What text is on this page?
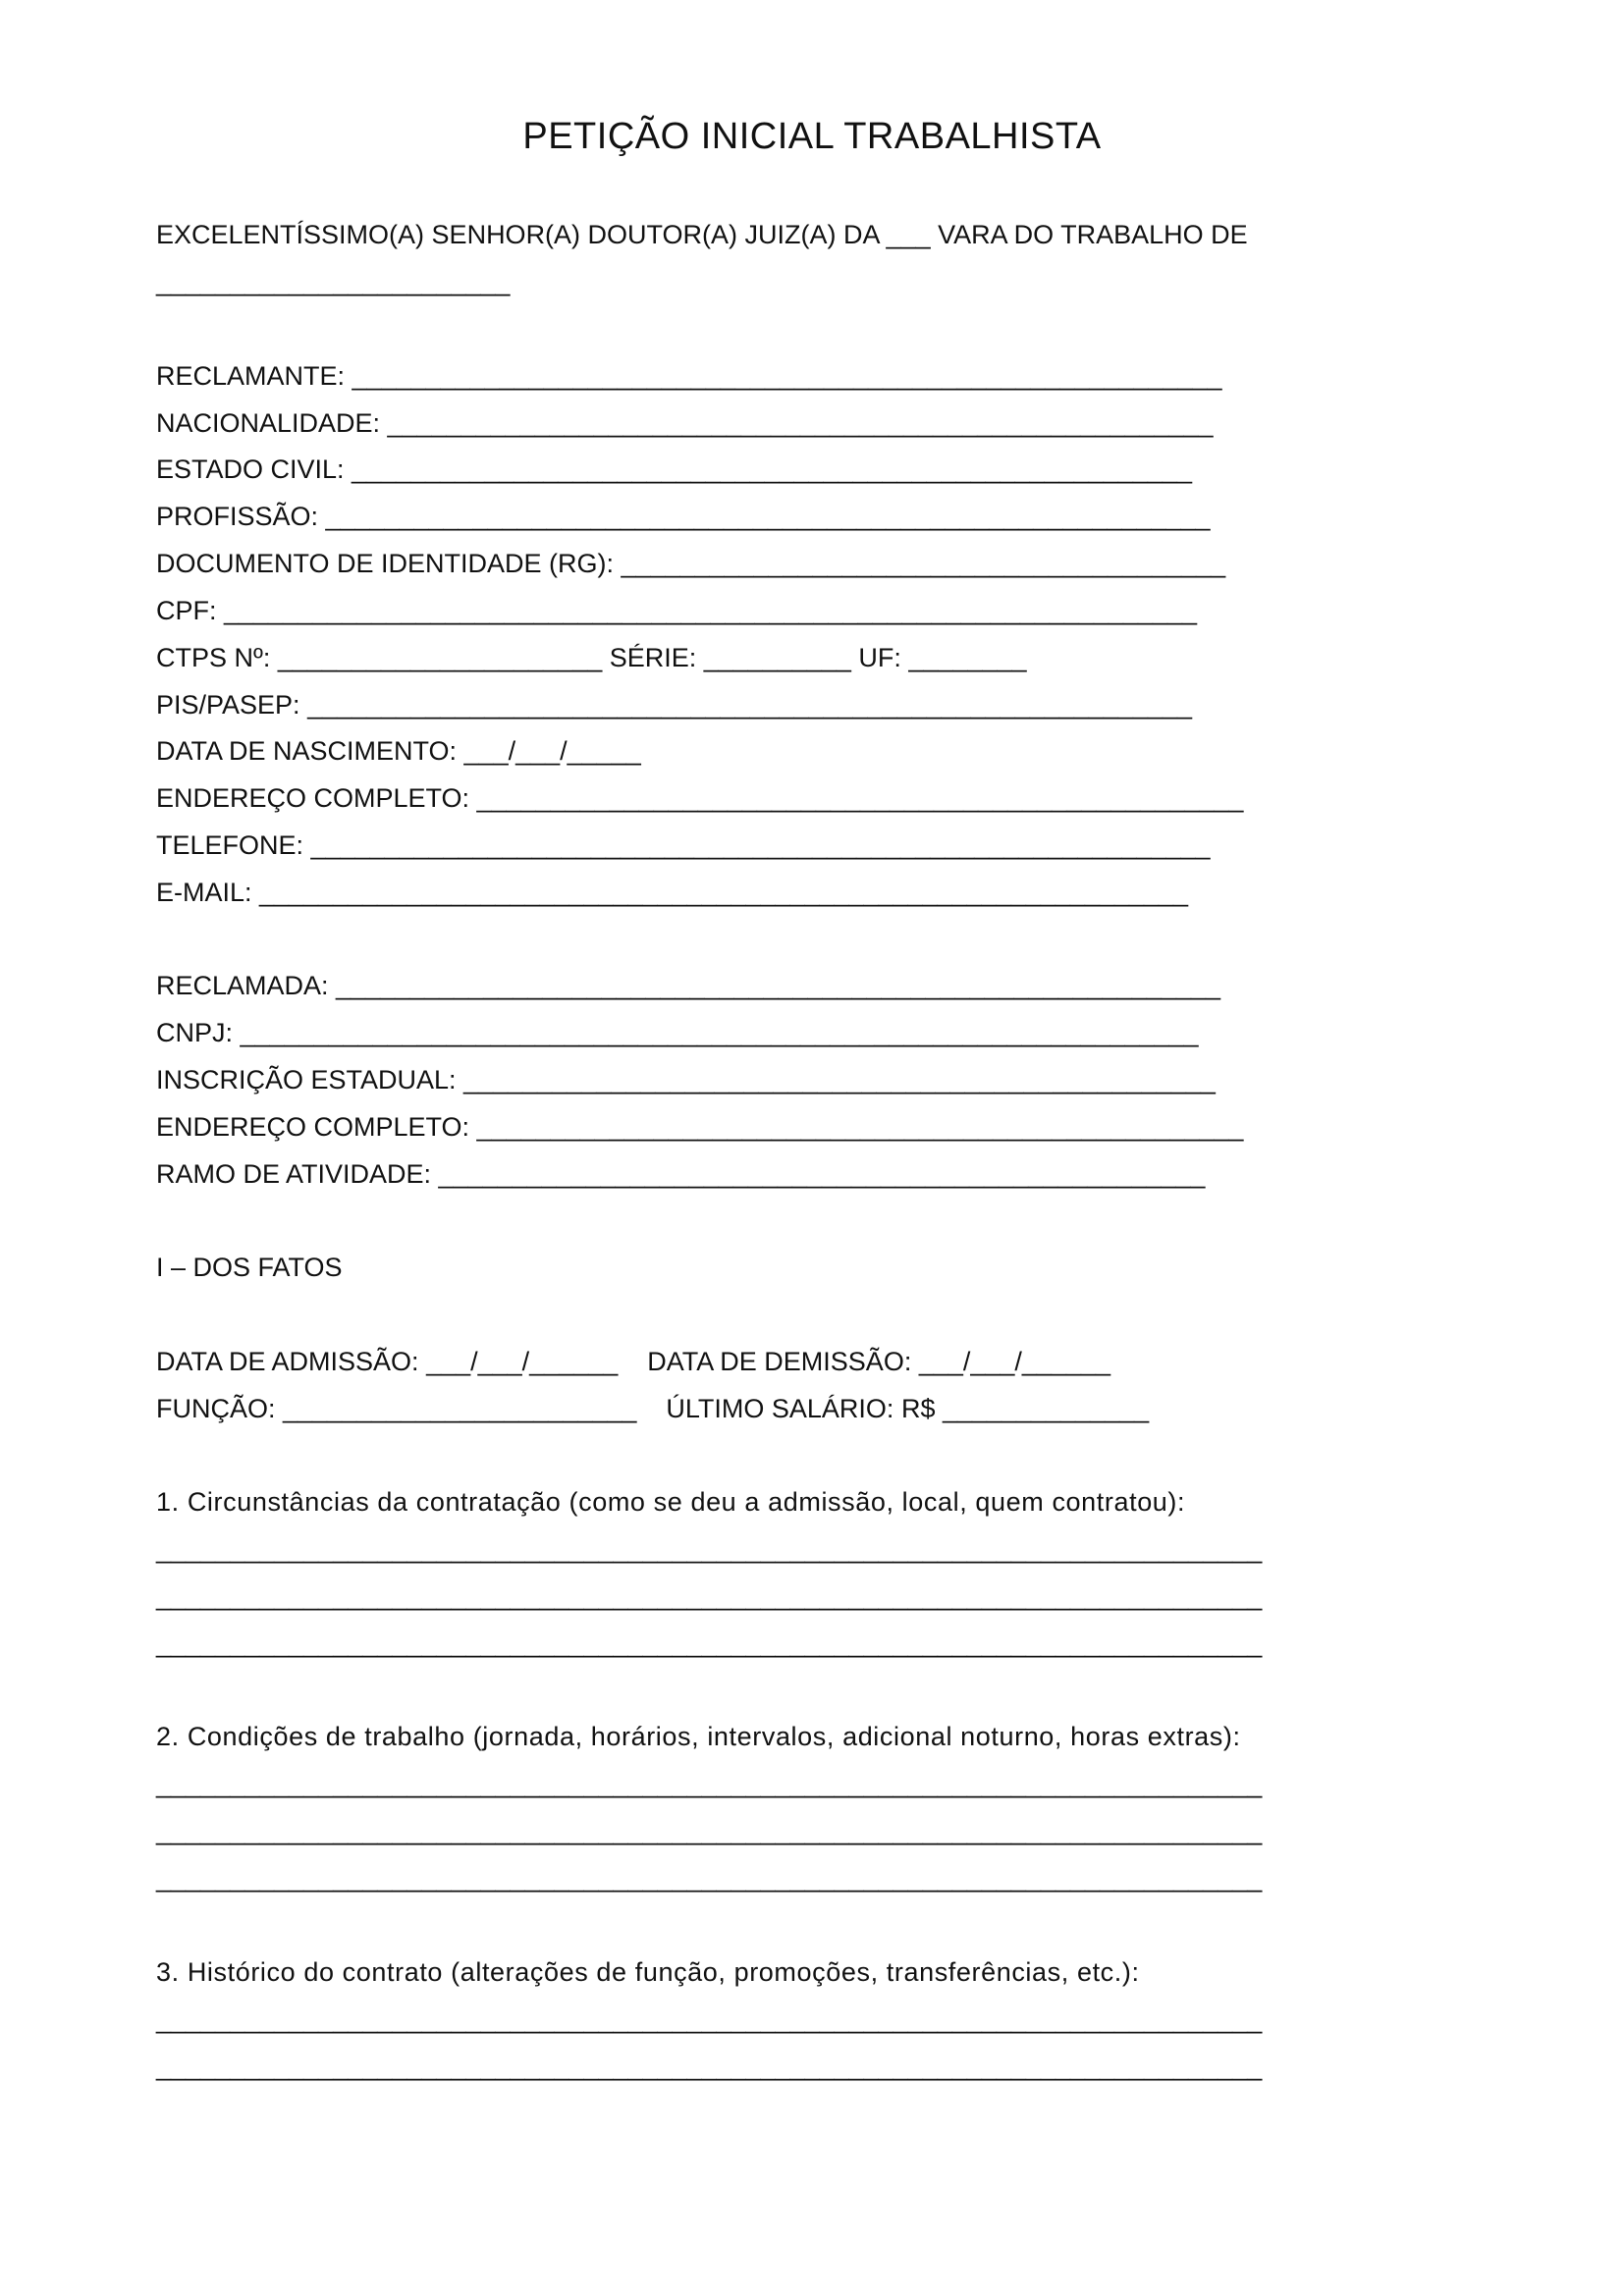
PETIÇÃO INICIAL TRABALHISTA
EXCELENTÍSSIMO(A) SENHOR(A) DOUTOR(A) JUIZ(A) DA ___ VARA DO TRABALHO DE
________________________
RECLAMANTE: ___________________________________________________________
NACIONALIDADE: ________________________________________________________
ESTADO CIVIL: _________________________________________________________
PROFISSÃO: ____________________________________________________________
DOCUMENTO DE IDENTIDADE (RG): _________________________________________
CPF: __________________________________________________________________
CTPS Nº: ______________________ SÉRIE: __________ UF: ________
PIS/PASEP: ____________________________________________________________
DATA DE NASCIMENTO: ___/___/_____
ENDEREÇO COMPLETO: ____________________________________________________
TELEFONE: _____________________________________________________________
E-MAIL: _______________________________________________________________
RECLAMADA: ____________________________________________________________
CNPJ: _________________________________________________________________
INSCRIÇÃO ESTADUAL: ___________________________________________________
ENDEREÇO COMPLETO: ____________________________________________________
RAMO DE ATIVIDADE: ____________________________________________________
I – DOS FATOS
DATA DE ADMISSÃO: ___/___/______    DATA DE DEMISSÃO: ___/___/______
FUNÇÃO: ________________________    ÚLTIMO SALÁRIO: R$ ______________
1. Circunstâncias da contratação (como se deu a admissão, local, quem contratou):
___________________________________________________________________________
___________________________________________________________________________
___________________________________________________________________________
2. Condições de trabalho (jornada, horários, intervalos, adicional noturno, horas extras):
___________________________________________________________________________
___________________________________________________________________________
___________________________________________________________________________
3. Histórico do contrato (alterações de função, promoções, transferências, etc.):
___________________________________________________________________________
___________________________________________________________________________
